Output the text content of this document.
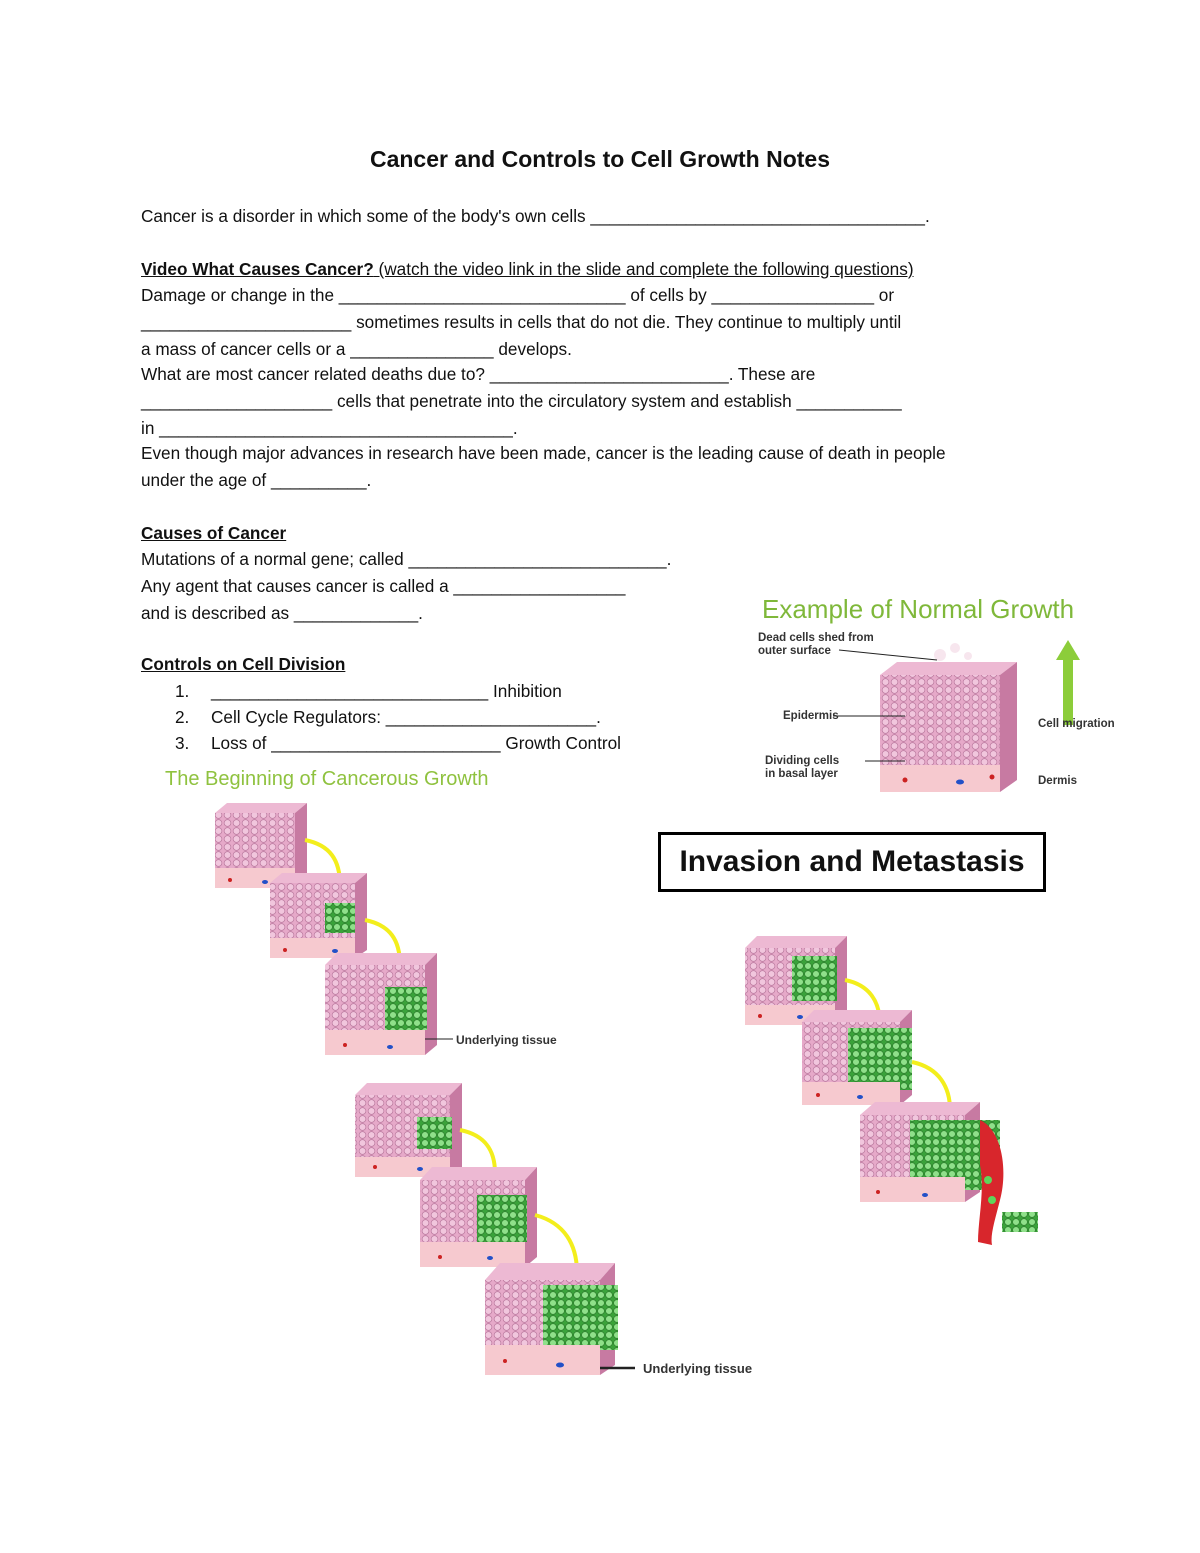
Cancer and Controls to Cell Growth Notes
Cancer is a disorder in which some of the body's own cells ___________________________________.
Video What Causes Cancer? (watch the video link in the slide and complete the following questions)
Damage or change in the ______________________________ of cells by _________________ or
______________________ sometimes results in cells that do not die. They continue to multiply until
a mass of cancer cells or a _______________ develops.
What are most cancer related deaths due to? _________________________. These are
____________________ cells that penetrate into the circulatory system and establish ___________
in _____________________________________.
Even though major advances in research have been made, cancer is the leading cause of death in people
under the age of __________.
Causes of Cancer
Mutations of a normal gene; called ___________________________.
Any agent that causes cancer is called a __________________
and is described as _____________.
Controls on Cell Division
1. _____________________________ Inhibition
2. Cell Cycle Regulators: ______________________.
3. Loss of ________________________ Growth Control
Example of Normal Growth
Dead cells shed from
outer surface
Epidermis
Dividing cells
in basal layer
Cell migration
Dermis
The Beginning of Cancerous Growth
Underlying tissue
Underlying tissue
Invasion and Metastasis
